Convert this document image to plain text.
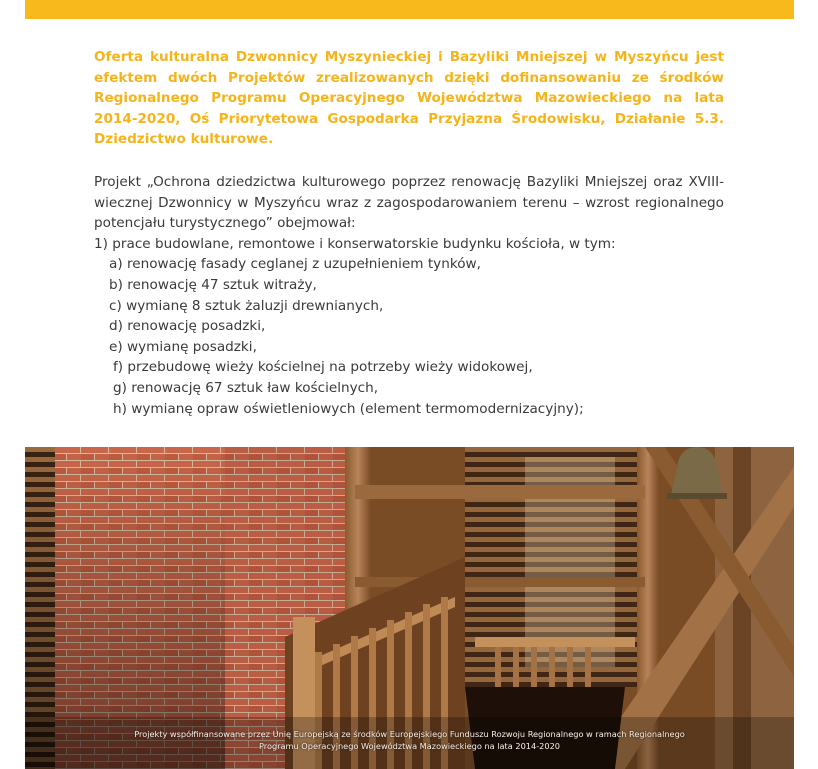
Oferta kulturalna Dzwonnicy Myszynieckiej i Bazyliki Mniejszej w Myszyńcu jest efektem dwóch Projektów zrealizowanych dzięki dofinansowaniu ze środków Regionalnego Programu Operacyjnego Województwa Mazowieckiego na lata 2014-2020, Oś Priorytetowa Gospodarka Przyjazna Środowisku, Działanie 5.3. Dziedzictwo kulturowe.

Projekt „Ochrona dziedzictwa kulturowego poprzez renowację Bazyliki Mniejszej oraz XVIII-wiecznej Dzwonnicy w Myszyńcu wraz z zagospodarowaniem terenu – wzrost regionalnego potencjału turystycznego” obejmował:

1) prace budowlane, remontowe i konserwatorskie budynku kościoła, w tym:
a) renowację fasady ceglanej z uzupełnieniem tynków,
b) renowację 47 sztuk witraży,
c) wymianę 8 sztuk żaluzji drewnianych,
d) renowację posadzki,
e) wymianę posadzki,
f) przebudowę wieży kościelnej na potrzeby wieży widokowej,
g) renowację 67 sztuk ław kościelnych,
h) wymianę opraw oświetleniowych (element termomodernizacyjny);
Projekty współfinansowane przez Unię Europejską ze środków Europejskiego Funduszu Rozwoju Regionalnego w ramach Regionalnego
Programu Operacyjnego Województwa Mazowieckiego na lata 2014-2020
